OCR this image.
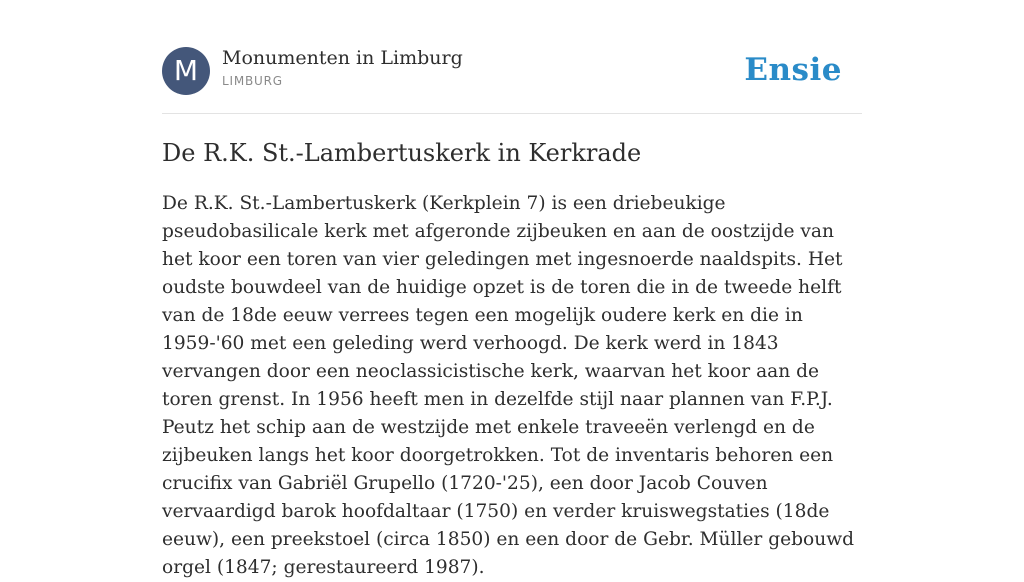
M	Monumenten in Limburg
LIMBURG	Ensie
De R.K. St.-Lambertuskerk in Kerkrade

De R.K. St.-Lambertuskerk (Kerkplein 7) is een driebeukige pseudobasilicale kerk met afgeronde zijbeuken en aan de oostzijde van het koor een toren van vier geledingen met ingesnoerde naaldspits. Het oudste bouwdeel van de huidige opzet is de toren die in de tweede helft van de 18de eeuw verrees tegen een mogelijk oudere kerk en die in 1959-'60 met een geleding werd verhoogd. De kerk werd in 1843 vervangen door een neoclassicistische kerk, waarvan het koor aan de toren grenst. In 1956 heeft men in dezelfde stijl naar plannen van F.P.J. Peutz het schip aan de westzijde met enkele traveeën verlengd en de zijbeuken langs het koor doorgetrokken. Tot de inventaris behoren een crucifix van Gabriël Grupello (1720-'25), een door Jacob Couven vervaardigd barok hoofdaltaar (1750) en verder kruiswegstaties (18de eeuw), een preekstoel (circa 1850) en een door de Gebr. Müller gebouwd orgel (1847; gerestaureerd 1987).
